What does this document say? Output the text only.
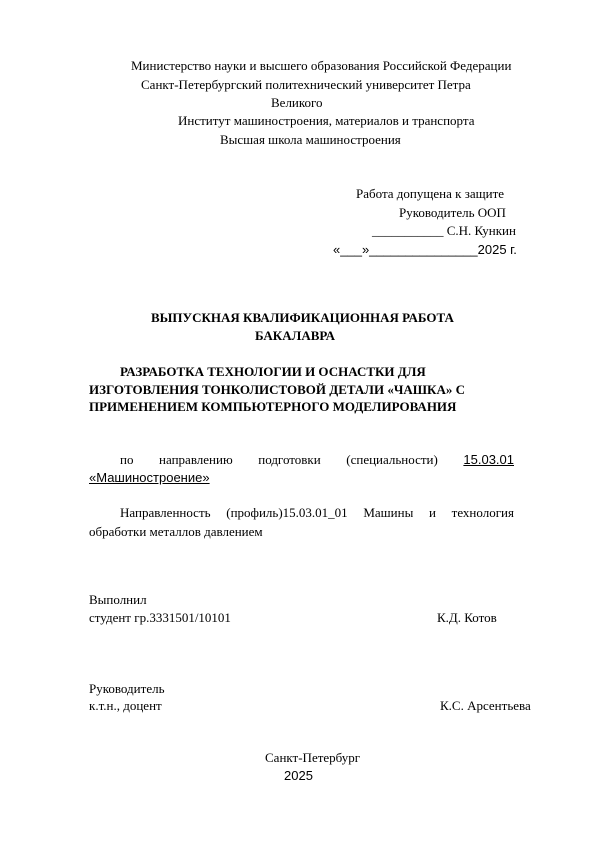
Министерство науки и высшего образования Российской Федерации
Санкт-Петербургский политехнический университет Петра
Великого
Институт машиностроения, материалов и транспорта
Высшая школа машиностроения
Работа допущена к защите
Руководитель ООП
___________ С.Н. Кункин
«___»_______________2025 г.
ВЫПУСКНАЯ КВАЛИФИКАЦИОННАЯ РАБОТА
БАКАЛАВРА
РАЗРАБОТКА ТЕХНОЛОГИИ И ОСНАСТКИ ДЛЯ
ИЗГОТОВЛЕНИЯ ТОНКОЛИСТОВОЙ ДЕТАЛИ «ЧАШКА» С
ПРИМЕНЕНИЕМ КОМПЬЮТЕРНОГО МОДЕЛИРОВАНИЯ
по направлению подготовки (специальности) 15.03.01
«Машиностроение»
Направленность (профиль)15.03.01_01 Машины и технология
обработки металлов давлением
Выполнил
студент гр.3331501/10101	К.Д. Котов
Руководитель
к.т.н., доцент	К.С. Арсентьева
Санкт-Петербург
2025
